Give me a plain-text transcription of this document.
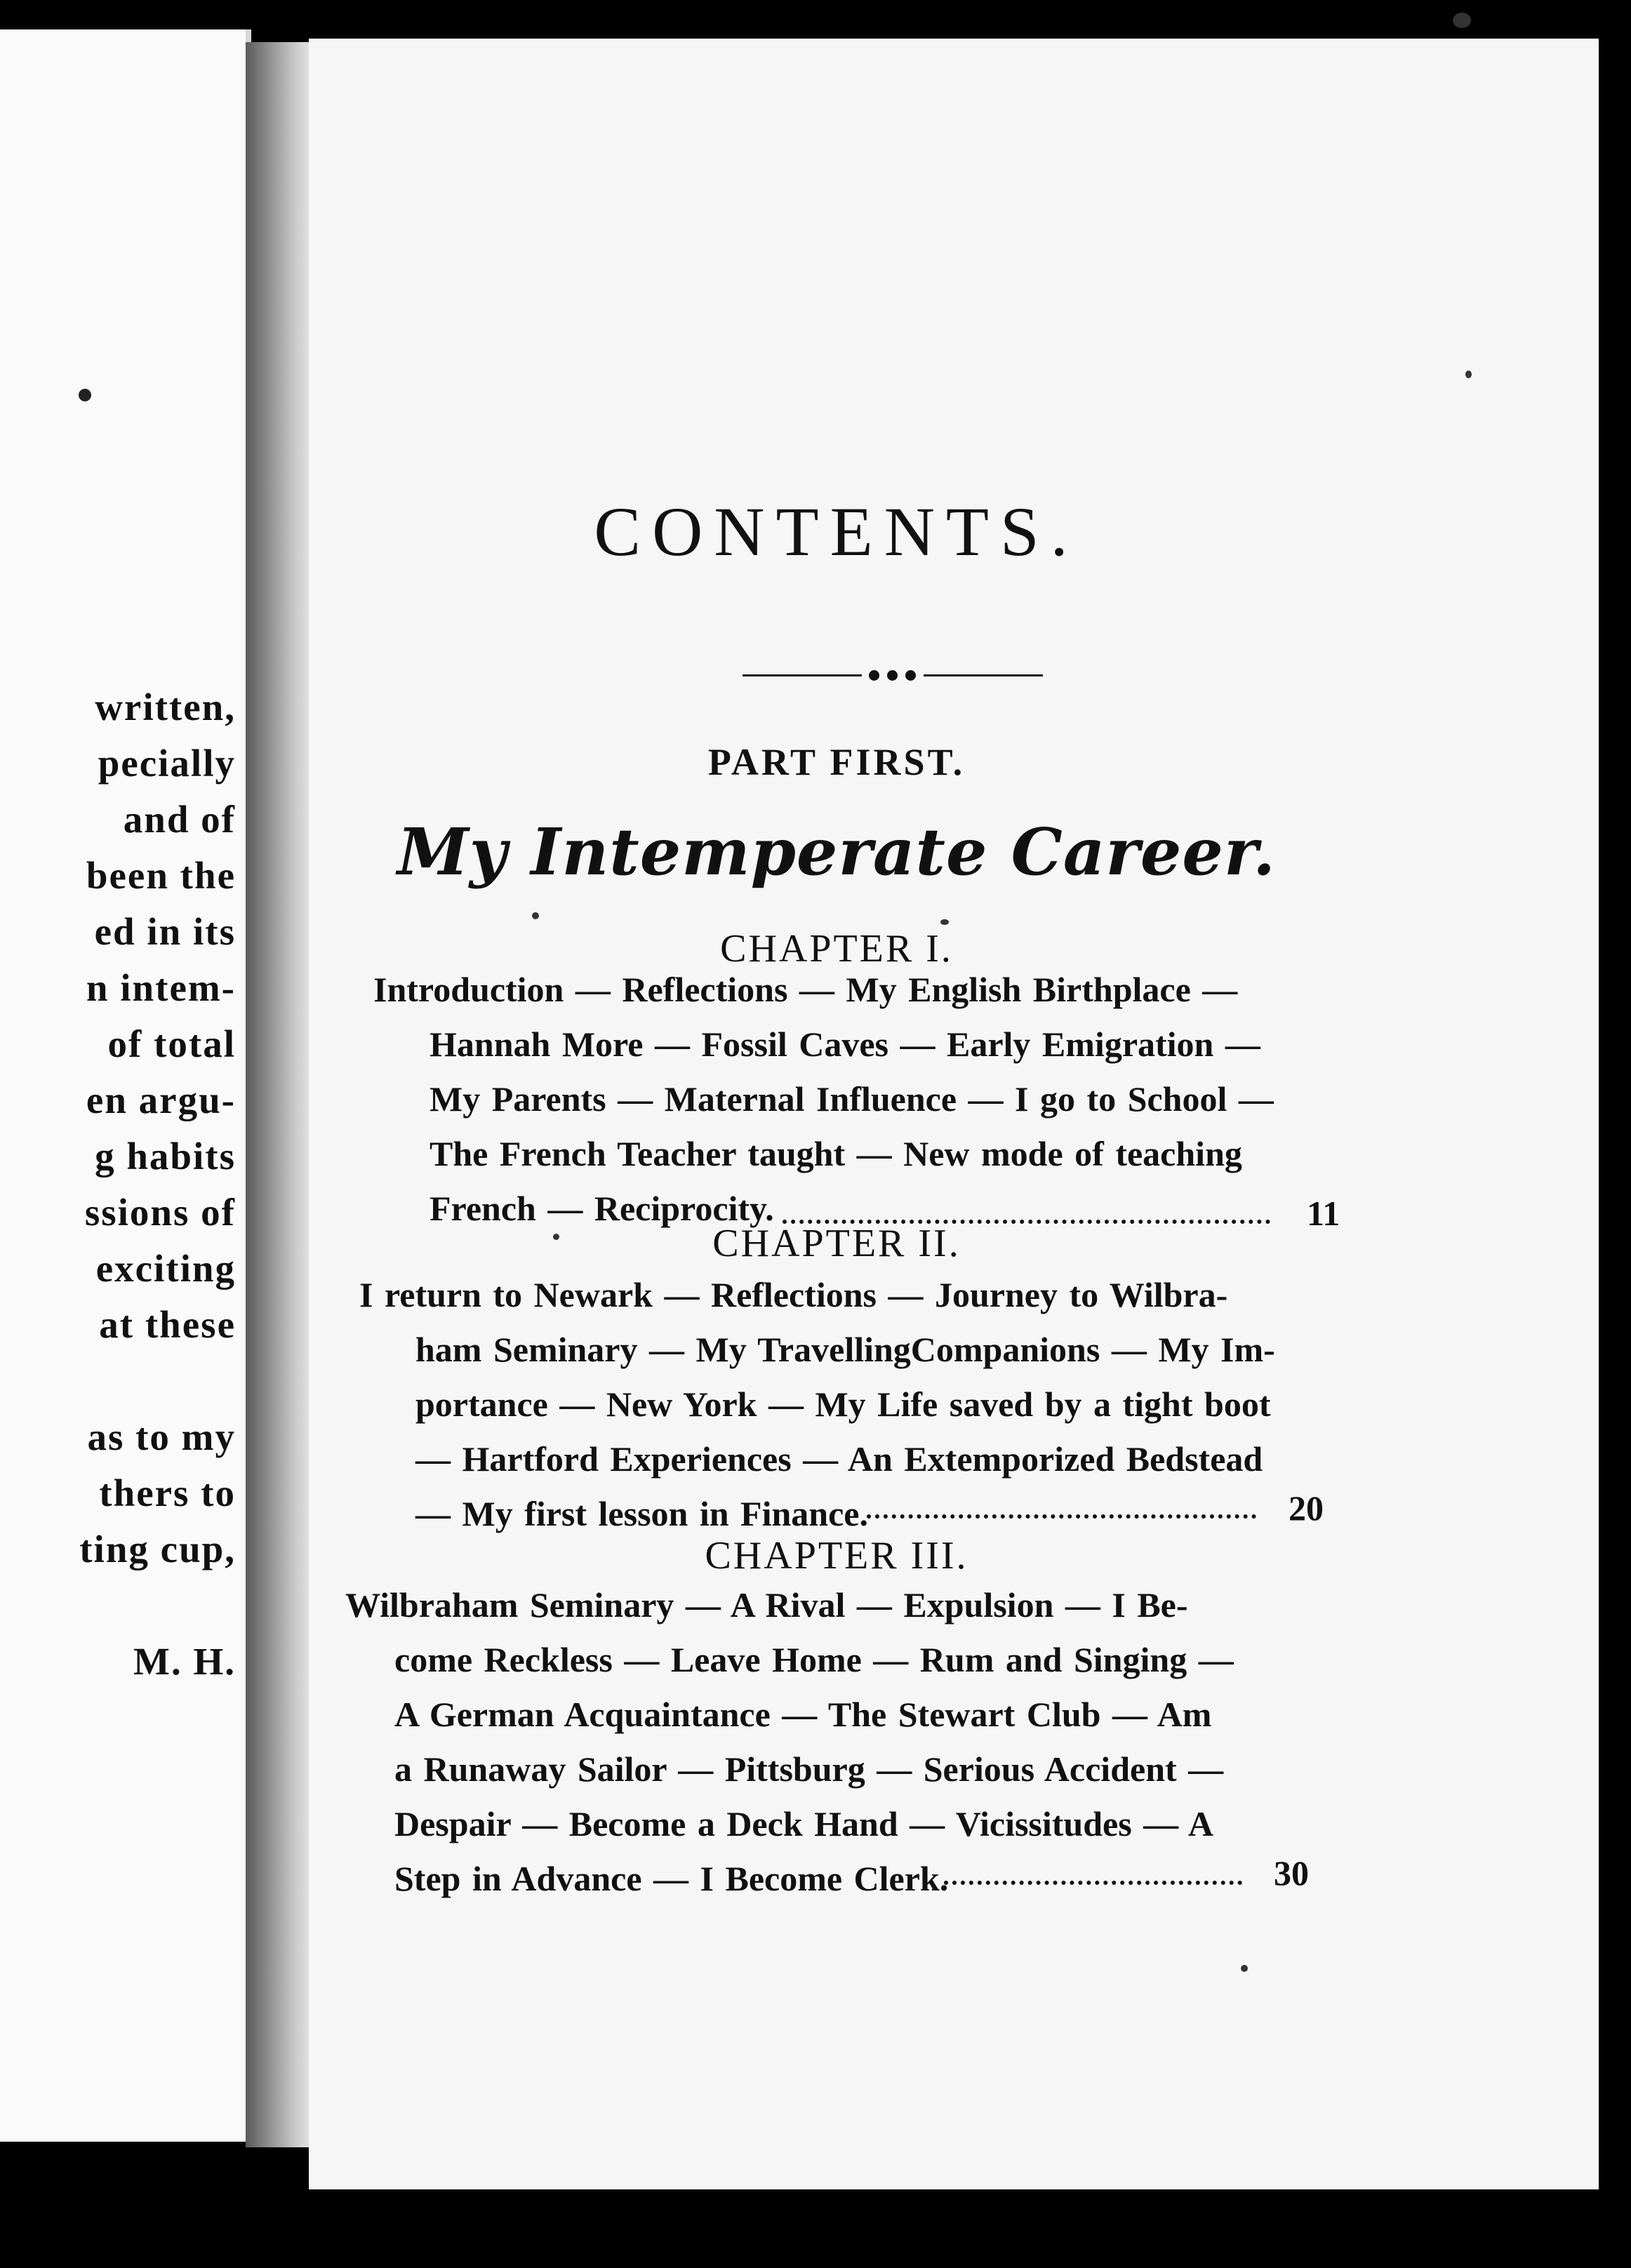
written,
pecially
and of
been the
ed in its
n intem-
of total
en argu-
g habits
ssions of
exciting
at these
as to my
thers to
ting cup,
M. H.
CONTENTS.
PART FIRST.
My Intemperate Career.
CHAPTER I.
Introduction — Reflections — My English Birthplace —
Hannah More — Fossil Caves — Early Emigration —
My Parents — Maternal Influence — I go to School —
The French Teacher taught — New mode of teaching
French — Reciprocity.	11
CHAPTER II.
I return to Newark — Reflections — Journey to Wilbra-
ham Seminary — My TravellingCompanions — My Im-
portance — New York — My Life saved by a tight boot
— Hartford Experiences — An Extemporized Bedstead
— My first lesson in Finance.	20
CHAPTER III.
Wilbraham Seminary — A Rival — Expulsion — I Be-
come Reckless — Leave Home — Rum and Singing —
A German Acquaintance — The Stewart Club — Am
a Runaway Sailor — Pittsburg — Serious Accident —
Despair — Become a Deck Hand — Vicissitudes — A
Step in Advance — I Become Clerk.	30
